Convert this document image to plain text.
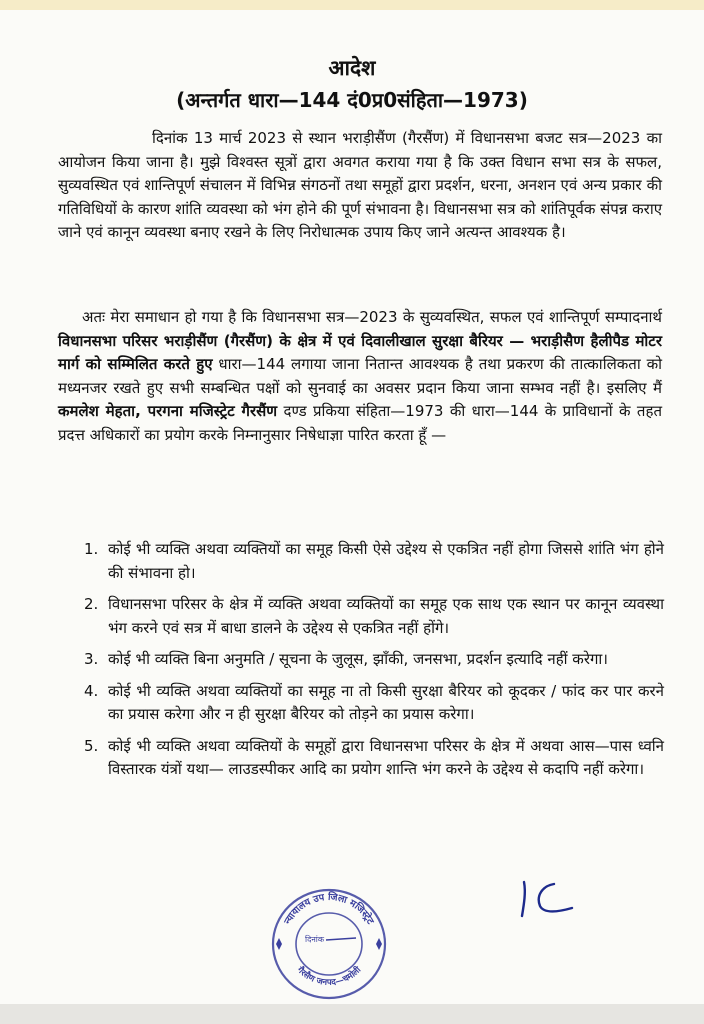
आदेश
(अन्तर्गत धारा—144 दं0प्र0संहिता—1973)

दिनांक 13 मार्च 2023 से स्थान भराड़ीसैंण (गैरसैंण) में विधानसभा बजट सत्र—2023 का आयोजन किया जाना है। मुझे विश्वस्त सूत्रों द्वारा अवगत कराया गया है कि उक्त विधान सभा सत्र के सफल, सुव्यवस्थित एवं शान्तिपूर्ण संचालन में विभिन्न संगठनों तथा समूहों द्वारा प्रदर्शन, धरना, अनशन एवं अन्य प्रकार की गतिविधियों के कारण शांति व्यवस्था को भंग होने की पूर्ण संभावना है। विधानसभा सत्र को शांतिपूर्वक संपन्न कराए जाने एवं कानून व्यवस्था बनाए रखने के लिए निरोधात्मक उपाय किए जाने अत्यन्त आवश्यक है।

अतः मेरा समाधान हो गया है कि विधानसभा सत्र—2023 के सुव्यवस्थित, सफल एवं शान्तिपूर्ण सम्पादनार्थ विधानसभा परिसर भराड़ीसैंण (गैरसैंण) के क्षेत्र में एवं दिवालीखाल सुरक्षा बैरियर — भराड़ीसैण हैलीपैड मोटर मार्ग को सम्मिलित करते हुए धारा—144 लगाया जाना नितान्त आवश्यक है तथा प्रकरण की तात्कालिकता को मध्यनजर रखते हुए सभी सम्बन्धित पक्षों को सुनवाई का अवसर प्रदान किया जाना सम्भव नहीं है। इसलिए मैं कमलेश मेहता, परगना मजिस्ट्रेट गैरसैंण दण्ड प्रकिया संहिता—1973 की धारा—144 के प्राविधानों के तहत प्रदत्त अधिकारों का प्रयोग करके निम्नानुसार निषेधाज्ञा पारित करता हूँ —

1. कोई भी व्यक्ति अथवा व्यक्तियों का समूह किसी ऐसे उद्देश्य से एकत्रित नहीं होगा जिससे शांति भंग होने की संभावना हो।
2. विधानसभा परिसर के क्षेत्र में व्यक्ति अथवा व्यक्तियों का समूह एक साथ एक स्थान पर कानून व्यवस्था भंग करने एवं सत्र में बाधा डालने के उद्देश्य से एकत्रित नहीं होंगे।
3. कोई भी व्यक्ति बिना अनुमति / सूचना के जुलूस, झाँकी, जनसभा, प्रदर्शन इत्यादि नहीं करेगा।
4. कोई भी व्यक्ति अथवा व्यक्तियों का समूह ना तो किसी सुरक्षा बैरियर को कूदकर / फांद कर पार करने का प्रयास करेगा और न ही सुरक्षा बैरियर को तोड़ने का प्रयास करेगा।
5. कोई भी व्यक्ति अथवा व्यक्तियों के समूहों द्वारा विधानसभा परिसर के क्षेत्र में अथवा आस—पास ध्वनि विस्तारक यंत्रों यथा— लाउडस्पीकर आदि का प्रयोग शान्ति भंग करने के उद्देश्य से कदापि नहीं करेगा।
न्यायालय उप जिला मजिस्ट्रेट
गैरसैण जनपद—चमोली
दिनांक
